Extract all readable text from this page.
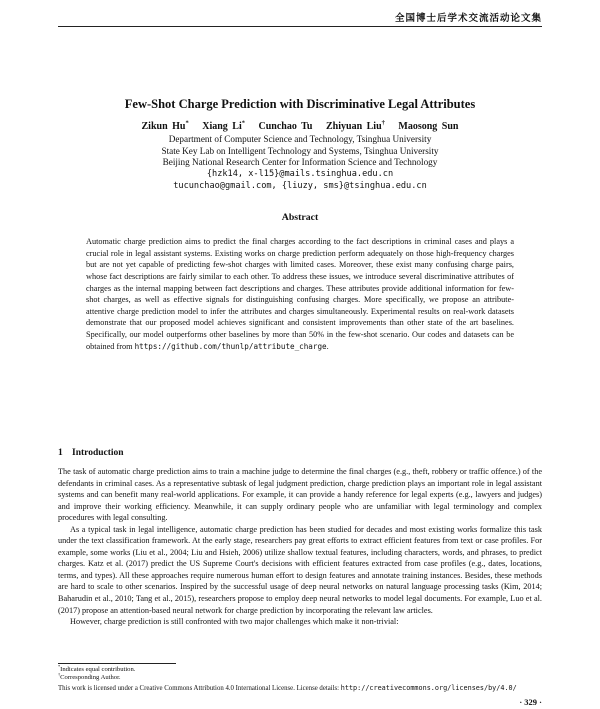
全国博士后学术交流活动论文集
Few-Shot Charge Prediction with Discriminative Legal Attributes
Zikun Hu* Xiang Li* Cunchao Tu Zhiyuan Liu† Maosong Sun
Department of Computer Science and Technology, Tsinghua University
State Key Lab on Intelligent Technology and Systems, Tsinghua University
Beijing National Research Center for Information Science and Technology
{hzk14, x-l15}@mails.tsinghua.edu.cn
tucunchao@gmail.com, {liuzy, sms}@tsinghua.edu.cn
Abstract
Automatic charge prediction aims to predict the final charges according to the fact descriptions in criminal cases and plays a crucial role in legal assistant systems. Existing works on charge prediction perform adequately on those high-frequency charges but are not yet capable of predicting few-shot charges with limited cases. Moreover, these exist many confusing charge pairs, whose fact descriptions are fairly similar to each other. To address these issues, we introduce several discriminative attributes of charges as the internal mapping between fact descriptions and charges. These attributes provide additional information for few-shot charges, as well as effective signals for distinguishing confusing charges. More specifically, we propose an attribute-attentive charge prediction model to infer the attributes and charges simultaneously. Experimental results on real-work datasets demonstrate that our proposed model achieves significant and consistent improvements than other state of the art baselines. Specifically, our model outperforms other baselines by more than 50% in the few-shot scenario. Our codes and datasets can be obtained from https://github.com/thunlp/attribute_charge.
1 Introduction

The task of automatic charge prediction aims to train a machine judge to determine the final charges (e.g., theft, robbery or traffic offence.) of the defendants in criminal cases. As a representative subtask of legal judgment prediction, charge prediction plays an important role in legal assistant systems and can benefit many real-world applications. For example, it can provide a handy reference for legal experts (e.g., lawyers and judges) and improve their working efficiency. Meanwhile, it can supply ordinary people who are unfamiliar with legal terminology and complex procedures with legal consulting.

As a typical task in legal intelligence, automatic charge prediction has been studied for decades and most existing works formalize this task under the text classification framework. At the early stage, researchers pay great efforts to extract efficient features from text or case profiles. For example, some works (Liu et al., 2004; Liu and Hsieh, 2006) utilize shallow textual features, including characters, words, and phrases, to predict charges. Katz et al. (2017) predict the US Supreme Court's decisions with efficient features extracted from case profiles (e.g., dates, locations, terms, and types). All these approaches require numerous human effort to design features and annotate training instances. Besides, these methods are hard to scale to other scenarios. Inspired by the successful usage of deep neural networks on natural language processing tasks (Kim, 2014; Baharudin et al., 2010; Tang et al., 2015), researchers propose to employ deep neural networks to model legal documents. For example, Luo et al. (2017) propose an attention-based neural network for charge prediction by incorporating the relevant law articles.

However, charge prediction is still confronted with two major challenges which make it non-trivial:

*Indicates equal contribution.
†Corresponding Author.
This work is licensed under a Creative Commons Attribution 4.0 International License. License details: http://creativecommons.org/licenses/by/4.0/
· 329 ·
